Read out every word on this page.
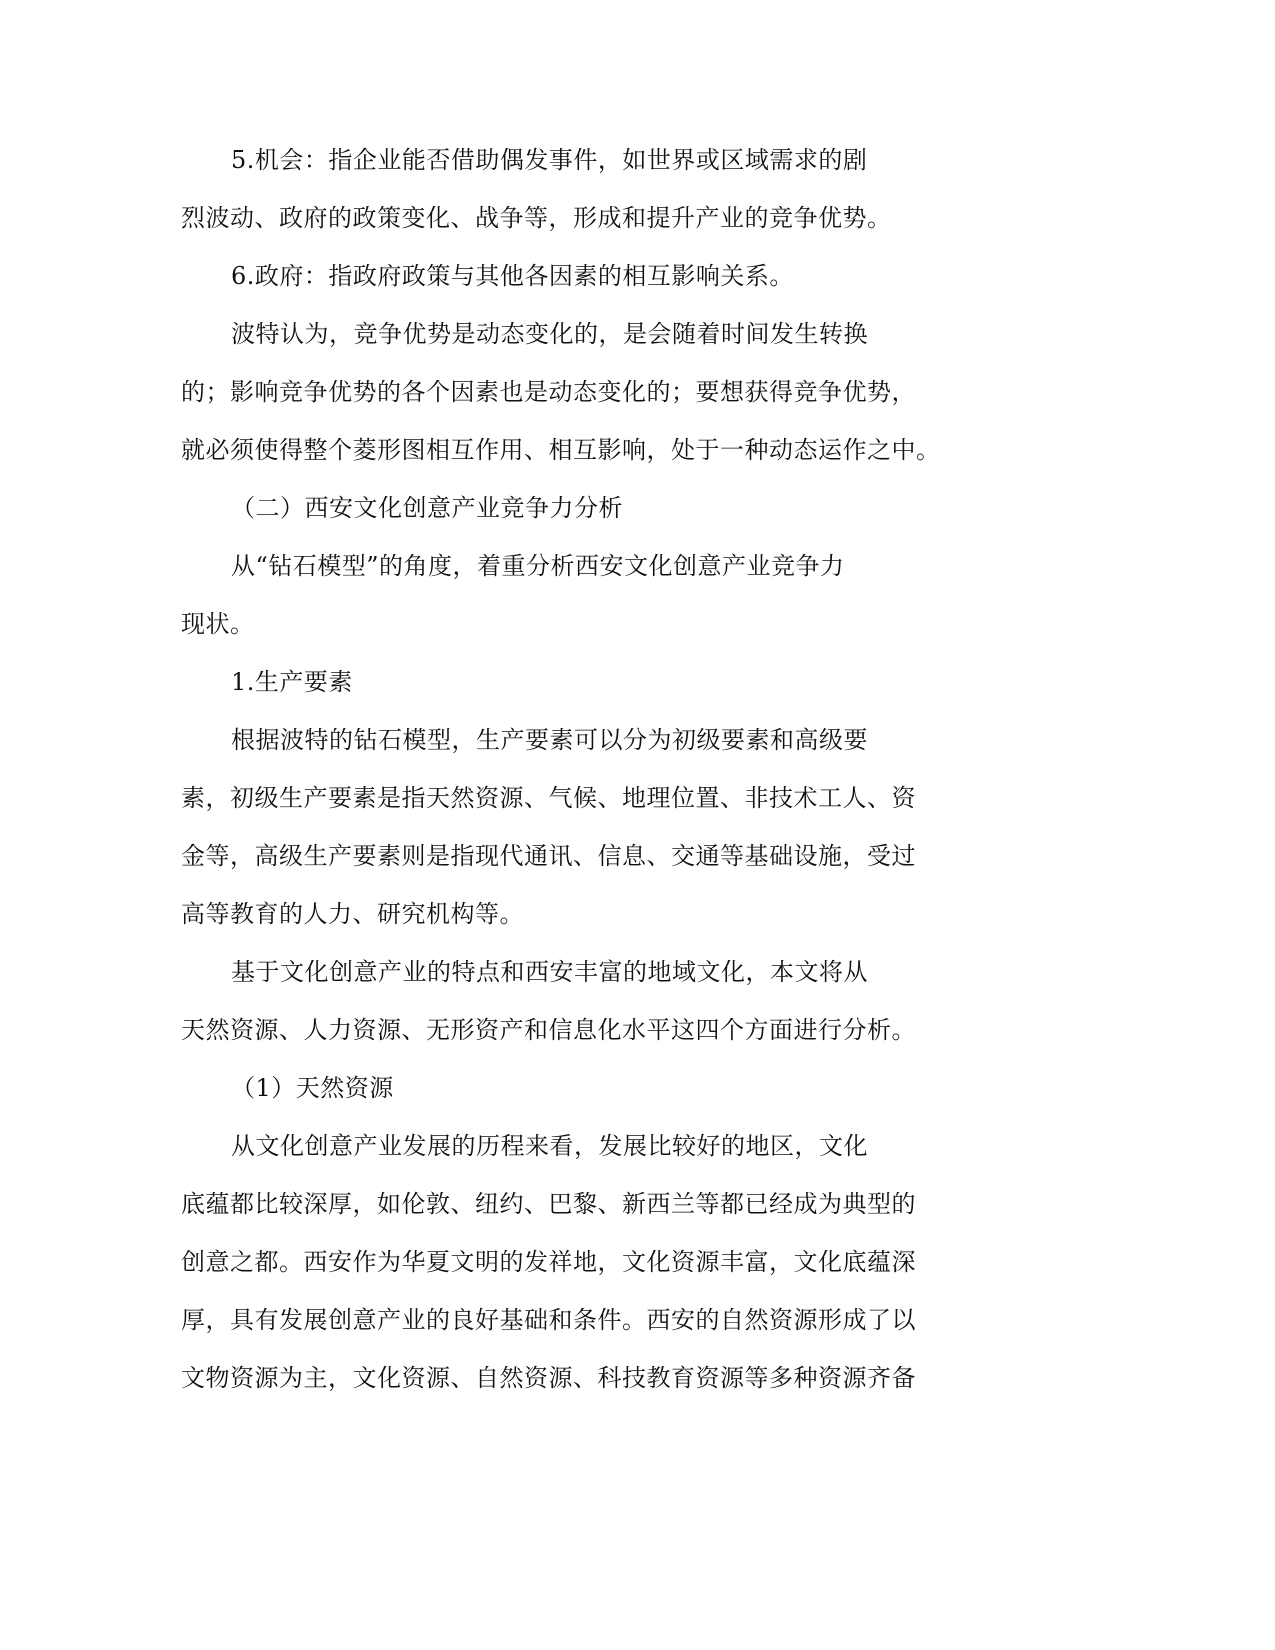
5.机会：指企业能否借助偶发事件，如世界或区域需求的剧
烈波动、政府的政策变化、战争等，形成和提升产业的竞争优势。
6.政府：指政府政策与其他各因素的相互影响关系。
波特认为，竞争优势是动态变化的，是会随着时间发生转换
的；影响竞争优势的各个因素也是动态变化的；要想获得竞争优势，
就必须使得整个菱形图相互作用、相互影响，处于一种动态运作之中。
（二）西安文化创意产业竞争力分析
从“钻石模型”的角度，着重分析西安文化创意产业竞争力
现状。
1.生产要素
根据波特的钻石模型，生产要素可以分为初级要素和高级要
素，初级生产要素是指天然资源、气候、地理位置、非技术工人、资
金等，高级生产要素则是指现代通讯、信息、交通等基础设施，受过
高等教育的人力、研究机构等。
基于文化创意产业的特点和西安丰富的地域文化，本文将从
天然资源、人力资源、无形资产和信息化水平这四个方面进行分析。
（1）天然资源
从文化创意产业发展的历程来看，发展比较好的地区，文化
底蕴都比较深厚，如伦敦、纽约、巴黎、新西兰等都已经成为典型的
创意之都。西安作为华夏文明的发祥地，文化资源丰富，文化底蕴深
厚，具有发展创意产业的良好基础和条件。西安的自然资源形成了以
文物资源为主，文化资源、自然资源、科技教育资源等多种资源齐备
